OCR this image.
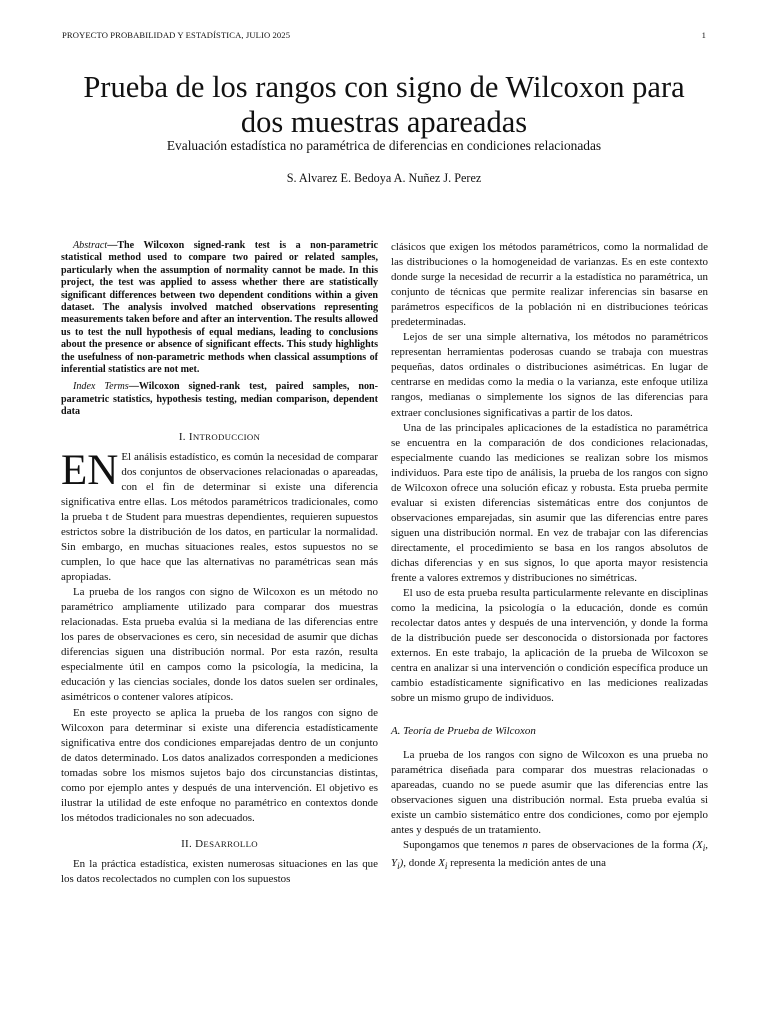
PROYECTO PROBABILIDAD Y ESTADÍSTICA, JULIO 2025	1
Prueba de los rangos con signo de Wilcoxon para
dos muestras apareadas
Evaluación estadística no paramétrica de diferencias en condiciones relacionadas
S. Alvarez E. Bedoya A. Nuñez J. Perez

Abstract—The Wilcoxon signed-rank test is a non-parametric statistical method used to compare two paired or related samples, particularly when the assumption of normality cannot be made. In this project, the test was applied to assess whether there are statistically significant differences between two dependent conditions within a given dataset. The analysis involved matched observations representing measurements taken before and after an intervention. The results allowed us to test the null hypothesis of equal medians, leading to conclusions about the presence or absence of significant effects. This study highlights the usefulness of non-parametric methods when classical assumptions of inferential statistics are not met.

Index Terms—Wilcoxon signed-rank test, paired samples, non-parametric statistics, hypothesis testing, median comparison, dependent data

I. INTRODUCCION

EN El análisis estadístico, es común la necesidad de comparar dos conjuntos de observaciones relacionadas o apareadas, con el fin de determinar si existe una diferencia significativa entre ellas. Los métodos paramétricos tradicionales, como la prueba t de Student para muestras dependientes, requieren supuestos estrictos sobre la distribución de los datos, en particular la normalidad. Sin embargo, en muchas situaciones reales, estos supuestos no se cumplen, lo que hace que las alternativas no paramétricas sean más apropiadas.

La prueba de los rangos con signo de Wilcoxon es un método no paramétrico ampliamente utilizado para comparar dos muestras relacionadas. Esta prueba evalúa si la mediana de las diferencias entre los pares de observaciones es cero, sin necesidad de asumir que dichas diferencias siguen una distribución normal. Por esta razón, resulta especialmente útil en campos como la psicología, la medicina, la educación y las ciencias sociales, donde los datos suelen ser ordinales, asimétricos o contener valores atípicos.

En este proyecto se aplica la prueba de los rangos con signo de Wilcoxon para determinar si existe una diferencia estadísticamente significativa entre dos condiciones emparejadas dentro de un conjunto de datos determinado. Los datos analizados corresponden a mediciones tomadas sobre los mismos sujetos bajo dos circunstancias distintas, como por ejemplo antes y después de una intervención. El objetivo es ilustrar la utilidad de este enfoque no paramétrico en contextos donde los métodos tradicionales no son adecuados.

II. DESARROLLO

En la práctica estadística, existen numerosas situaciones en las que los datos recolectados no cumplen con los supuestos

clásicos que exigen los métodos paramétricos, como la normalidad de las distribuciones o la homogeneidad de varianzas. Es en este contexto donde surge la necesidad de recurrir a la estadística no paramétrica, un conjunto de técnicas que permite realizar inferencias sin basarse en parámetros específicos de la población ni en distribuciones teóricas predeterminadas.

Lejos de ser una simple alternativa, los métodos no paramétricos representan herramientas poderosas cuando se trabaja con muestras pequeñas, datos ordinales o distribuciones asimétricas. En lugar de centrarse en medidas como la media o la varianza, este enfoque utiliza rangos, medianas o simplemente los signos de las diferencias para extraer conclusiones significativas a partir de los datos.

Una de las principales aplicaciones de la estadística no paramétrica se encuentra en la comparación de dos condiciones relacionadas, especialmente cuando las mediciones se realizan sobre los mismos individuos. Para este tipo de análisis, la prueba de los rangos con signo de Wilcoxon ofrece una solución eficaz y robusta. Esta prueba permite evaluar si existen diferencias sistemáticas entre dos conjuntos de observaciones emparejadas, sin asumir que las diferencias entre pares siguen una distribución normal. En vez de trabajar con las diferencias directamente, el procedimiento se basa en los rangos absolutos de dichas diferencias y en sus signos, lo que aporta mayor resistencia frente a valores extremos y distribuciones no simétricas.

El uso de esta prueba resulta particularmente relevante en disciplinas como la medicina, la psicología o la educación, donde es común recolectar datos antes y después de una intervención, y donde la forma de la distribución puede ser desconocida o distorsionada por factores externos. En este trabajo, la aplicación de la prueba de Wilcoxon se centra en analizar si una intervención o condición específica produce un cambio estadísticamente significativo en las mediciones realizadas sobre un mismo grupo de individuos.

A. Teoría de Prueba de Wilcoxon

La prueba de los rangos con signo de Wilcoxon es una prueba no paramétrica diseñada para comparar dos muestras relacionadas o apareadas, cuando no se puede asumir que las diferencias entre las observaciones siguen una distribución normal. Esta prueba evalúa si existe un cambio sistemático entre dos condiciones, como por ejemplo antes y después de un tratamiento.

Supongamos que tenemos n pares de observaciones de la forma ($X_i$, $Y_i$), donde $X_i$ representa la medición antes de una
